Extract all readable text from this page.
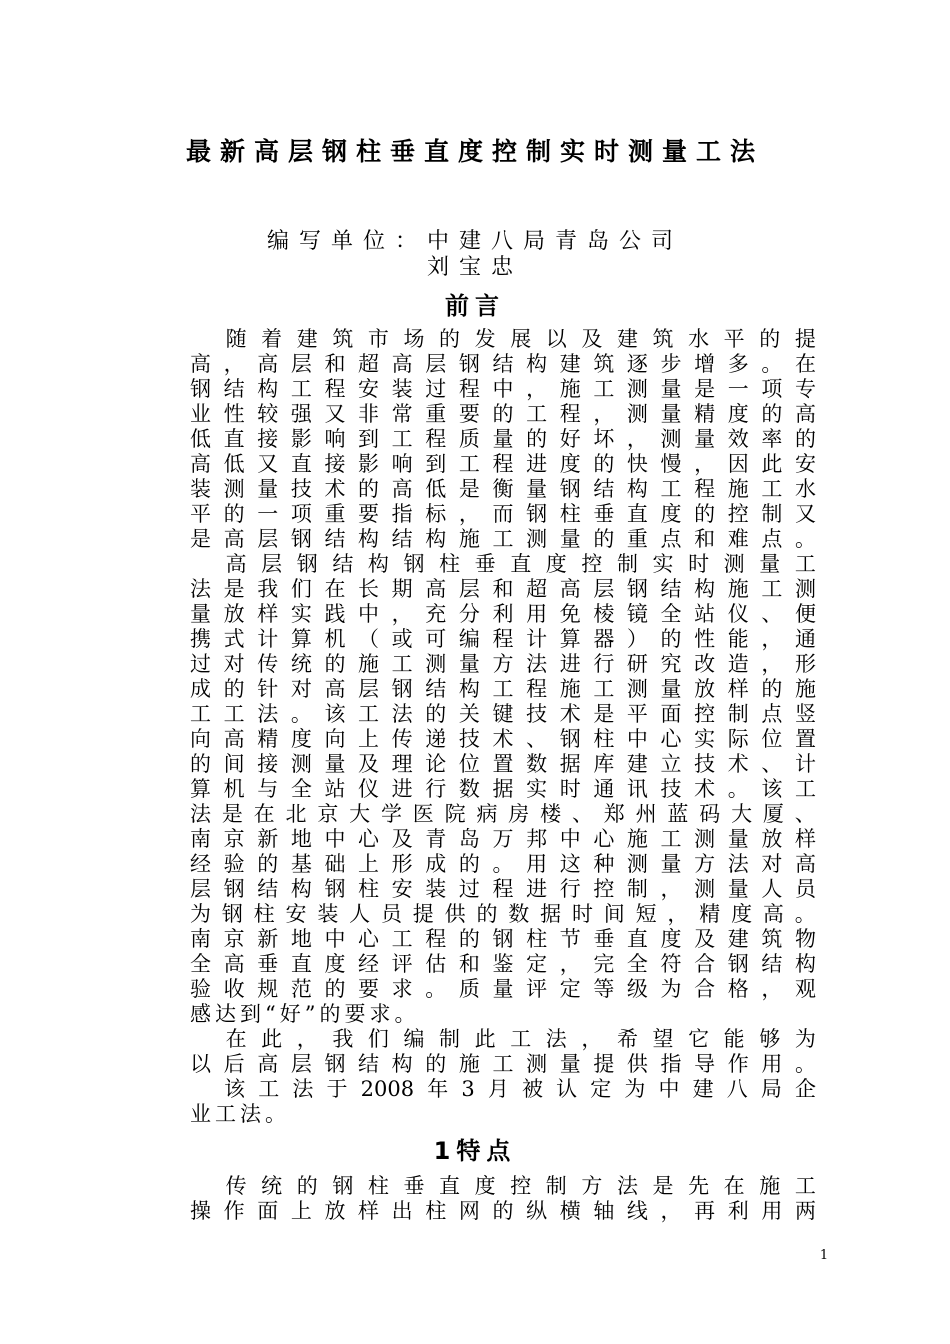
最新高层钢柱垂直度控制实时测量工法
编写单位：中建八局青岛公司
刘宝忠
前言

随 着 建 筑 市 场 的 发 展 以 及 建 筑 水 平 的 提
高 ， 高 层 和 超 高 层 钢 结 构 建 筑 逐 步 增 多 。 在
钢 结 构 工 程 安 装 过 程 中 ， 施 工 测 量 是 一 项 专
业 性 较 强 又 非 常 重 要 的 工 程 ， 测 量 精 度 的 高
低 直 接 影 响 到 工 程 质 量 的 好 坏 ， 测 量 效 率 的
高 低 又 直 接 影 响 到 工 程 进 度 的 快 慢 ， 因 此 安
装 测 量 技 术 的 高 低 是 衡 量 钢 结 构 工 程 施 工 水
平 的 一 项 重 要 指 标 ， 而 钢 柱 垂 直 度 的 控 制 又
是 高 层 钢 结 构 结 构 施 工 测 量 的 重 点 和 难 点 。

高 层 钢 结 构 钢 柱 垂 直 度 控 制 实 时 测 量 工
法 是 我 们 在 长 期 高 层 和 超 高 层 钢 结 构 施 工 测
量 放 样 实 践 中 ， 充 分 利 用 免 棱 镜 全 站 仪 、 便
携 式 计 算 机 （ 或 可 编 程 计 算 器 ） 的 性 能 ， 通
过 对 传 统 的 施 工 测 量 方 法 进 行 研 究 改 造 ， 形
成 的 针 对 高 层 钢 结 构 工 程 施 工 测 量 放 样 的 施
工 工 法 。 该 工 法 的 关 键 技 术 是 平 面 控 制 点 竖
向 高 精 度 向 上 传 递 技 术 、 钢 柱 中 心 实 际 位 置
的 间 接 测 量 及 理 论 位 置 数 据 库 建 立 技 术 、 计
算 机 与 全 站 仪 进 行 数 据 实 时 通 讯 技 术 。 该 工
法 是 在 北 京 大 学 医 院 病 房 楼 、 郑 州 蓝 码 大 厦 、
南 京 新 地 中 心 及 青 岛 万 邦 中 心 施 工 测 量 放 样
经 验 的 基 础 上 形 成 的 。 用 这 种 测 量 方 法 对 高
层 钢 结 构 钢 柱 安 装 过 程 进 行 控 制 ， 测 量 人 员
为 钢 柱 安 装 人 员 提 供 的 数 据 时 间 短 ， 精 度 高 。
南 京 新 地 中 心 工 程 的 钢 柱 节 垂 直 度 及 建 筑 物
全 高 垂 直 度 经 评 估 和 鉴 定 ， 完 全 符 合 钢 结 构
验 收 规 范 的 要 求 。 质 量 评 定 等 级 为 合 格 ， 观
感 达 到 “ 好 ” 的 要 求 。

在 此 ， 我 们 编 制 此 工 法 ， 希 望 它 能 够 为
以 后 高 层 钢 结 构 的 施 工 测 量 提 供 指 导 作 用 。

该 工 法 于 2008 年 3 月 被 认 定 为 中 建 八 局 企
业 工 法 。

传 统 的 钢 柱 垂 直 度 控 制 方 法 是 先 在 施 工
操 作 面 上 放 样 出 柱 网 的 纵 横 轴 线 ， 再 利 用 两
1特点
1
